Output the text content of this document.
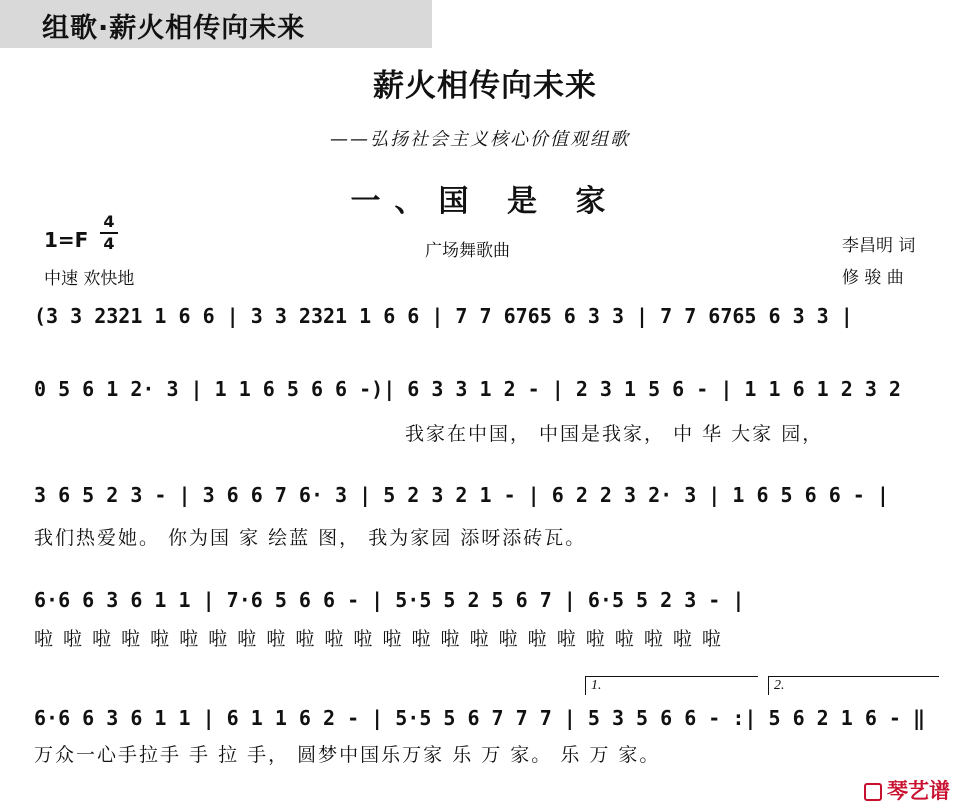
组歌·薪火相传向未来
薪火相传向未来
——弘扬社会主义核心价值观组歌
一、国 是 家
1=F
4
4
中速 欢快地
广场舞歌曲	李昌明 词
修 骏 曲
(3 3 2321 1 6 6 | 3 3 2321 1 6 6 | 7 7 6765 6 3 3 | 7 7 6765 6 3 3 |
0 5 6 1 2· 3 | 1 1 6 5 6 6 -)| 6 3 3 1 2 - | 2 3 1 5 6 - | 1 1 6 1 2 3 2
我家在中国， 中国是我家， 中 华 大家 园，
3 6 5 2 3 - | 3 6 6 7 6· 3 | 5 2 3 2 1 - | 6 2 2 3 2· 3 | 1 6 5 6 6 - |
我们热爱她。 你为国 家 绘蓝 图， 我为家园 添呀添砖瓦。
6·6 6 3 6 1 1 | 7·6 5 6 6 - | 5·5 5 2 5 6 7 | 6·5 5 2 3 - |
啦 啦 啦 啦 啦 啦 啦 啦 啦 啦 啦 啦 啦 啦 啦 啦 啦 啦 啦 啦 啦 啦 啦 啦
1.	2.
6·6 6 3 6 1 1 | 6 1 1 6 2 - | 5·5 5 6 7 7 7 | 5 3 5 6 6 - :| 5 6 2 1 6 - ‖
万众一心手拉手 手 拉 手， 圆梦中国乐万家 乐 万 家。 乐 万 家。
琴艺谱
